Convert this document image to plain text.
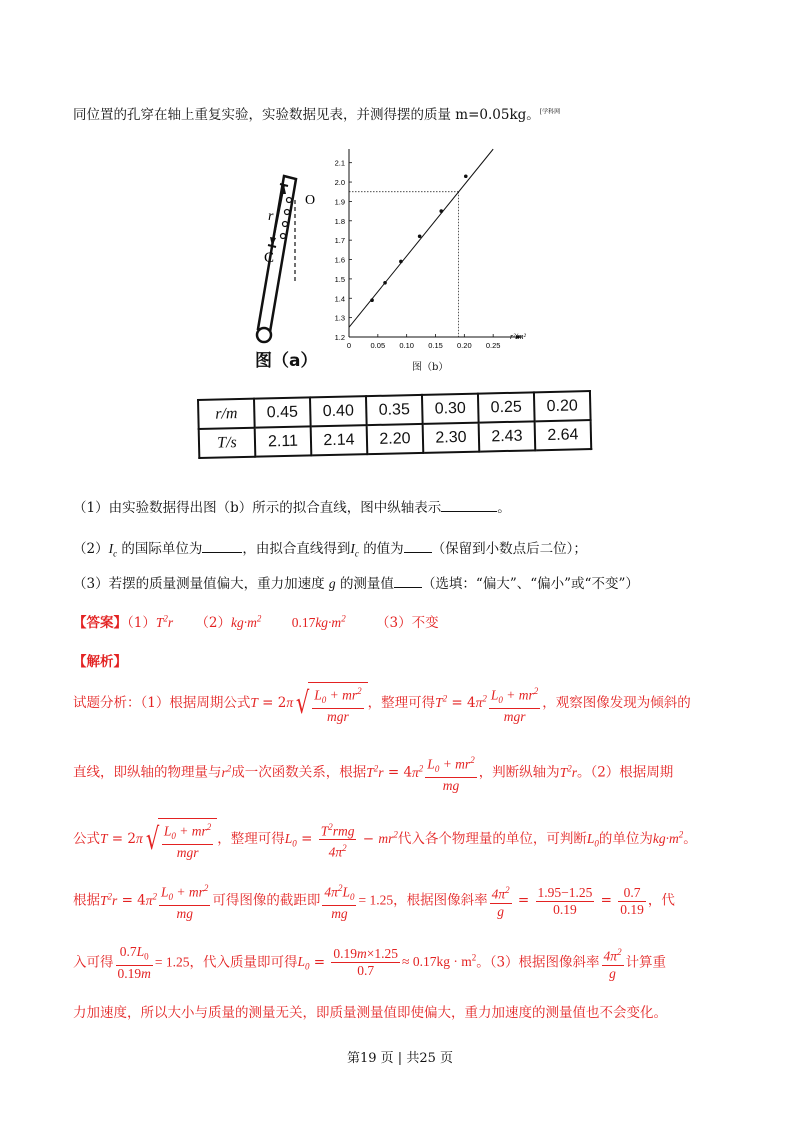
同位置的孔穿在轴上重复实验，实验数据见表，并测得摆的质量 m=0.05kg。$^{[学科网}$
O
r
C
图（a）
1.2
1.3
1.4
1.5
1.6
1.7
1.8
1.9
2.0
2.1
0	0.05 0.10 0.15 0.20 0.25
r²/m²
图（b）
r/m	0.45	0.40	0.35	0.30	0.25	0.20
T/s	2.11	2.14	2.20	2.30	2.43	2.64
（1）由实验数据得出图（b）所示的拟合直线，图中纵轴表示	。
$(2)I_c$ 的国际单位为	，由拟合直线得到$I_c$ 的值为 （保留到小数点后二位）；
（3）若摆的质量测量值偏大，重力加速度 g 的测量值 （选填：“偏大”、“偏小”或“不变”）
【答案】$(1)T^2r$ $(2)kg\cdot m^2$ $0.17kg\cdot m^2$ （3）不变
【解析】
试题分析：（1）根据周期公式$T = 2\pi√ \frac{L_0 + mr^2}{\text{mgr}}$ ，整理可得$T^2 = 4\pi^2 \frac{L_0 + mr^2}{\text{mgr}}$ ，观察图像发现为倾斜的
直线，即纵轴的物理量与$r^2$成一次函数关系，根据$T^2r = 4\pi^2 \frac{L_0 + mr^2}{mg}$ ，判断纵轴为$T^2r$。（2）根据周期
公式$T = 2\pi√ \frac{L_0 + mr^2}{\text{mgr}}$ ，整理可得$L_0 = \frac{T^2rmg}{4\pi^2} - mr^2$代入各个物理量的单位，可判断$L_0$的单位为$kg\cdot m^2$。
根据$T^2r = 4\pi^2 \frac{L_0 + mr^2}{mg}$ 可得图像的截距即 $\frac{4\pi^2L_0}{mg} = 1.25$，根据图像斜率 $\frac{4\pi^2}{g} = \frac{1.95-1.25}{0.19} = \frac{0.7}{0.19}$ ，代
入可得 $\frac{0.7L_0}{0.19m} = 1.25$，代入质量即可得$L_0 = \frac{0.19m\times 1.25}{0.7} \approx 0.17kg \cdot m^2$。（3）根据图像斜率 $\frac{4\pi^2}{g}$ 计算重
力加速度，所以大小与质量的测量无关，即质量测量值即使偏大，重力加速度的测量值也不会变化。
第19 页 | 共25 页
